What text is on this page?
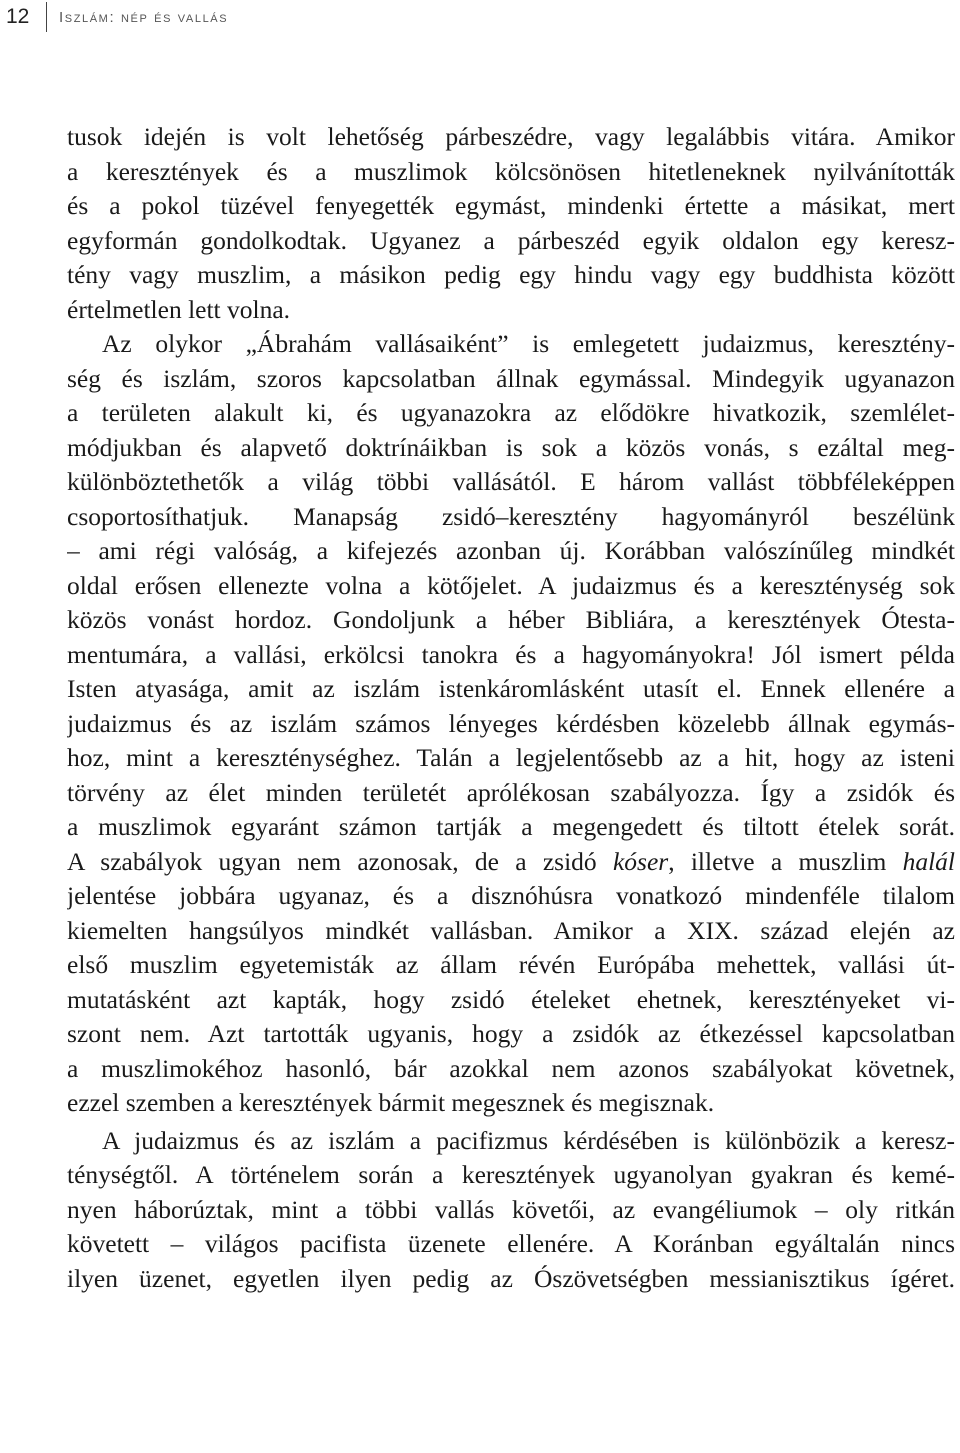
12	Iszlám: nép és vallás
tusok idején is volt lehetőség párbeszédre, vagy legalábbis vitára. Amikor
a keresztények és a muszlimok kölcsönösen hitetleneknek nyilvánították
és a pokol tüzével fenyegették egymást, mindenki értette a másikat, mert
egyformán gondolkodtak. Ugyanez a párbeszéd egyik oldalon egy keresz-
tény vagy muszlim, a másikon pedig egy hindu vagy egy buddhista között
értelmetlen lett volna.
Az olykor „Ábrahám vallásaiként” is emlegetett judaizmus, keresztény-
ség és iszlám, szoros kapcsolatban állnak egymással. Mindegyik ugyanazon
a területen alakult ki, és ugyanazokra az elődökre hivatkozik, szemlélet-
módjukban és alapvető doktrínáikban is sok a közös vonás, s ezáltal meg-
különböztethetők a világ többi vallásától. E három vallást többféleképpen
csoportosíthatjuk. Manapság zsidó–keresztény hagyományról beszélünk
– ami régi valóság, a kifejezés azonban új. Korábban valószínűleg mindkét
oldal erősen ellenezte volna a kötőjelet. A judaizmus és a kereszténység sok
közös vonást hordoz. Gondoljunk a héber Bibliára, a keresztények Ótesta-
mentumára, a vallási, erkölcsi tanokra és a hagyományokra! Jól ismert példa
Isten atyasága, amit az iszlám istenkáromlásként utasít el. Ennek ellenére a
judaizmus és az iszlám számos lényeges kérdésben közelebb állnak egymás-
hoz, mint a kereszténységhez. Talán a legjelentősebb az a hit, hogy az isteni
törvény az élet minden területét aprólékosan szabályozza. Így a zsidók és
a muszlimok egyaránt számon tartják a megengedett és tiltott ételek sorát.
A szabályok ugyan nem azonosak, de a zsidó kóser, illetve a muszlim halál
jelentése jobbára ugyanaz, és a disznóhúsra vonatkozó mindenféle tilalom
kiemelten hangsúlyos mindkét vallásban. Amikor a XIX. század elején az
első muszlim egyetemisták az állam révén Európába mehettek, vallási út-
mutatásként azt kapták, hogy zsidó ételeket ehetnek, keresztényeket vi-
szont nem. Azt tartották ugyanis, hogy a zsidók az étkezéssel kapcsolatban
a muszlimokéhoz hasonló, bár azokkal nem azonos szabályokat követnek,
ezzel szemben a keresztények bármit megesznek és megisznak.
A judaizmus és az iszlám a pacifizmus kérdésében is különbözik a keresz-
ténységtől. A történelem során a keresztények ugyanolyan gyakran és kemé-
nyen háborúztak, mint a többi vallás követői, az evangéliumok – oly ritkán
követett – világos pacifista üzenete ellenére. A Koránban egyáltalán nincs
ilyen üzenet, egyetlen ilyen pedig az Ószövetségben messianisztikus ígéret.
